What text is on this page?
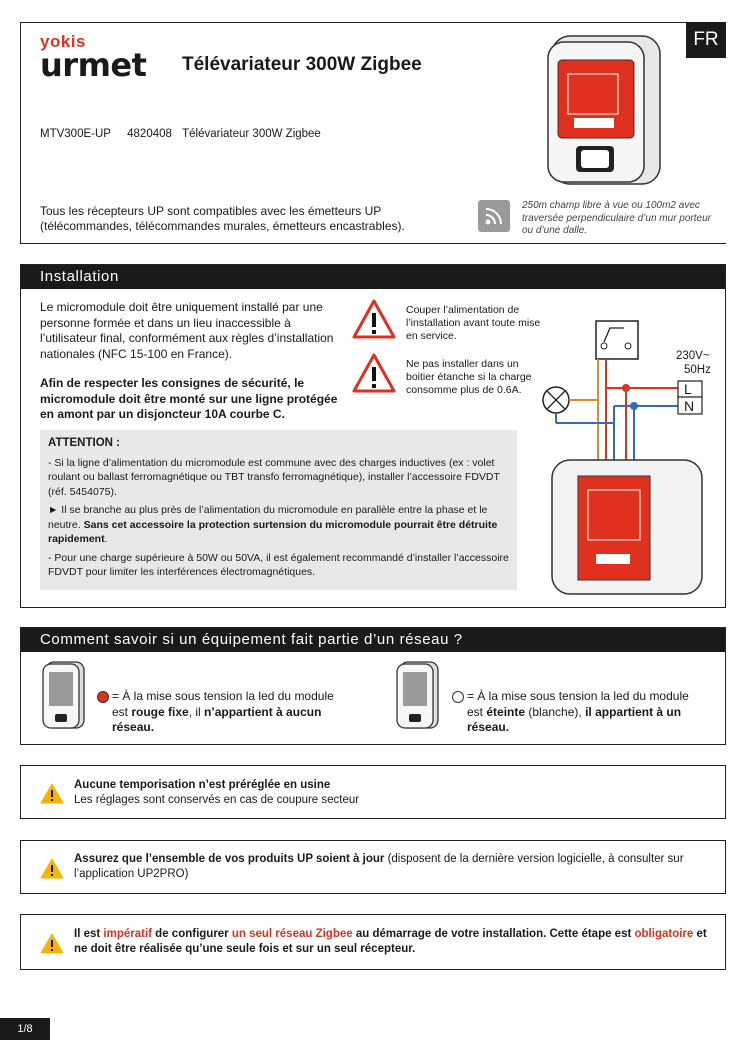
FR
yokis
urmet Télévariateur 300W Zigbee
MTV300E-UP 4820408 Télévariateur 300W Zigbee
Tous les récepteurs UP sont compatibles avec les émetteurs UP (télécommandes, télécommandes murales, émetteurs encastrables).
250m champ libre à vue ou 100m2 avec traversée perpendiculaire d’un mur porteur ou d’une dalle.
Installation
Le micromodule doit être uniquement installé par une personne formée et dans un lieu inaccessible à l’utilisateur final, conformément aux règles d’installation nationales (NFC 15-100 en France).
Afin de respecter les consignes de sécurité, le micromodule doit être monté sur une ligne protégée en amont par un disjoncteur 10A courbe C.
Couper l’alimentation de l’installation avant toute mise en service.
Ne pas installer dans un boitier étanche si la charge consomme plus de 0.6A.
230V~
50Hz
L
N
ATTENTION :
- Si la ligne d’alimentation du micromodule est commune avec des charges inductives (ex : volet roulant ou ballast ferromagnétique ou TBT transfo ferromagnétique), installer l’accessoire FDVDT (réf. 5454075).
► Il se branche au plus près de l’alimentation du micromodule en parallèle entre la phase et le neutre. Sans cet accessoire la protection surtension du micromodule pourrait être détruite rapidement.
- Pour une charge supérieure à 50W ou 50VA, il est également recommandé d’installer l’accessoire FDVDT pour limiter les interférences électromagnétiques.
Comment savoir si un équipement fait partie d’un réseau ?
= À la mise sous tension la led du module est rouge fixe, il n’appartient à aucun réseau.
= À la mise sous tension la led du module est éteinte (blanche), il appartient à un réseau.
Aucune temporisation n’est préréglée en usine
Les réglages sont conservés en cas de coupure secteur
Assurez que l’ensemble de vos produits UP soient à jour (disposent de la dernière version logicielle, à consulter sur l’application UP2PRO)
Il est impératif de configurer un seul réseau Zigbee au démarrage de votre installation. Cette étape est obligatoire et ne doit être réalisée qu’une seule fois et sur un seul récepteur.
1/8
